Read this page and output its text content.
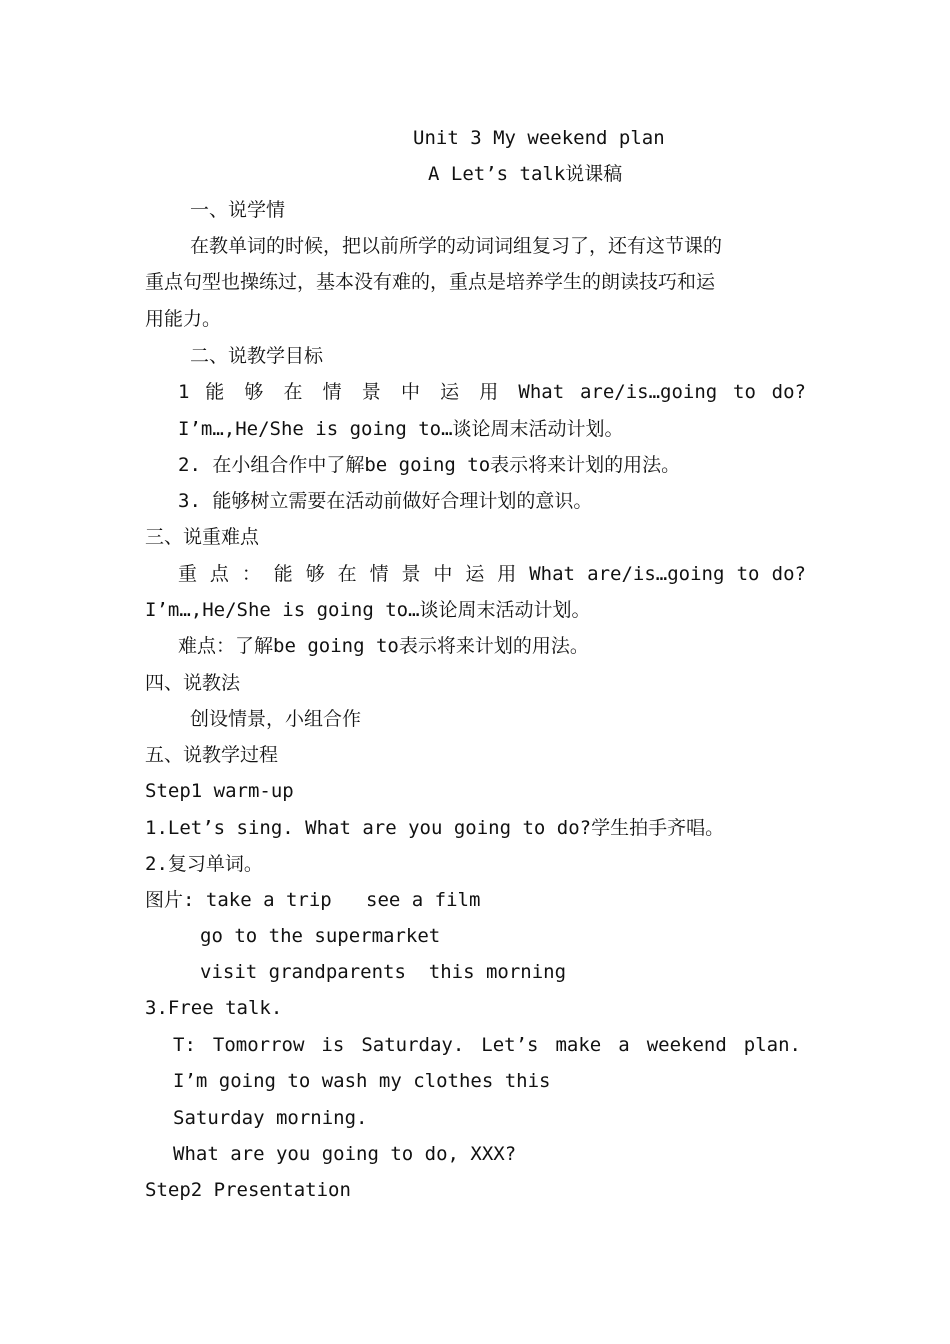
Unit 3 My weekend plan
A Let’s talk说课稿
一、说学情
在教单词的时候，把以前所学的动词词组复习了，还有这节课的
重点句型也操练过，基本没有难的，重点是培养学生的朗读技巧和运
用能力。
二、说教学目标
1 能 够 在 情 景 中 运 用 What are/is…going to do?
I’m…,He/She is going to…谈论周末活动计划。
2. 在小组合作中了解be going to表示将来计划的用法。
3. 能够树立需要在活动前做好合理计划的意识。
三、说重难点
重 点 ： 能 够 在 情 景 中 运 用 What are/is…going to do?
I’m…,He/She is going to…谈论周末活动计划。
难点：了解be going to表示将来计划的用法。
四、说教法
创设情景，小组合作
五、说教学过程
Step1 warm-up
1.Let’s sing. What are you going to do?学生拍手齐唱。
2.复习单词。
图片: take a trip   see a film
go to the supermarket
visit grandparents  this morning
3.Free talk.
T: Tomorrow is Saturday. Let’s make a weekend plan.
I’m going to wash my clothes this
Saturday morning.
What are you going to do, XXX?
Step2 Presentation
